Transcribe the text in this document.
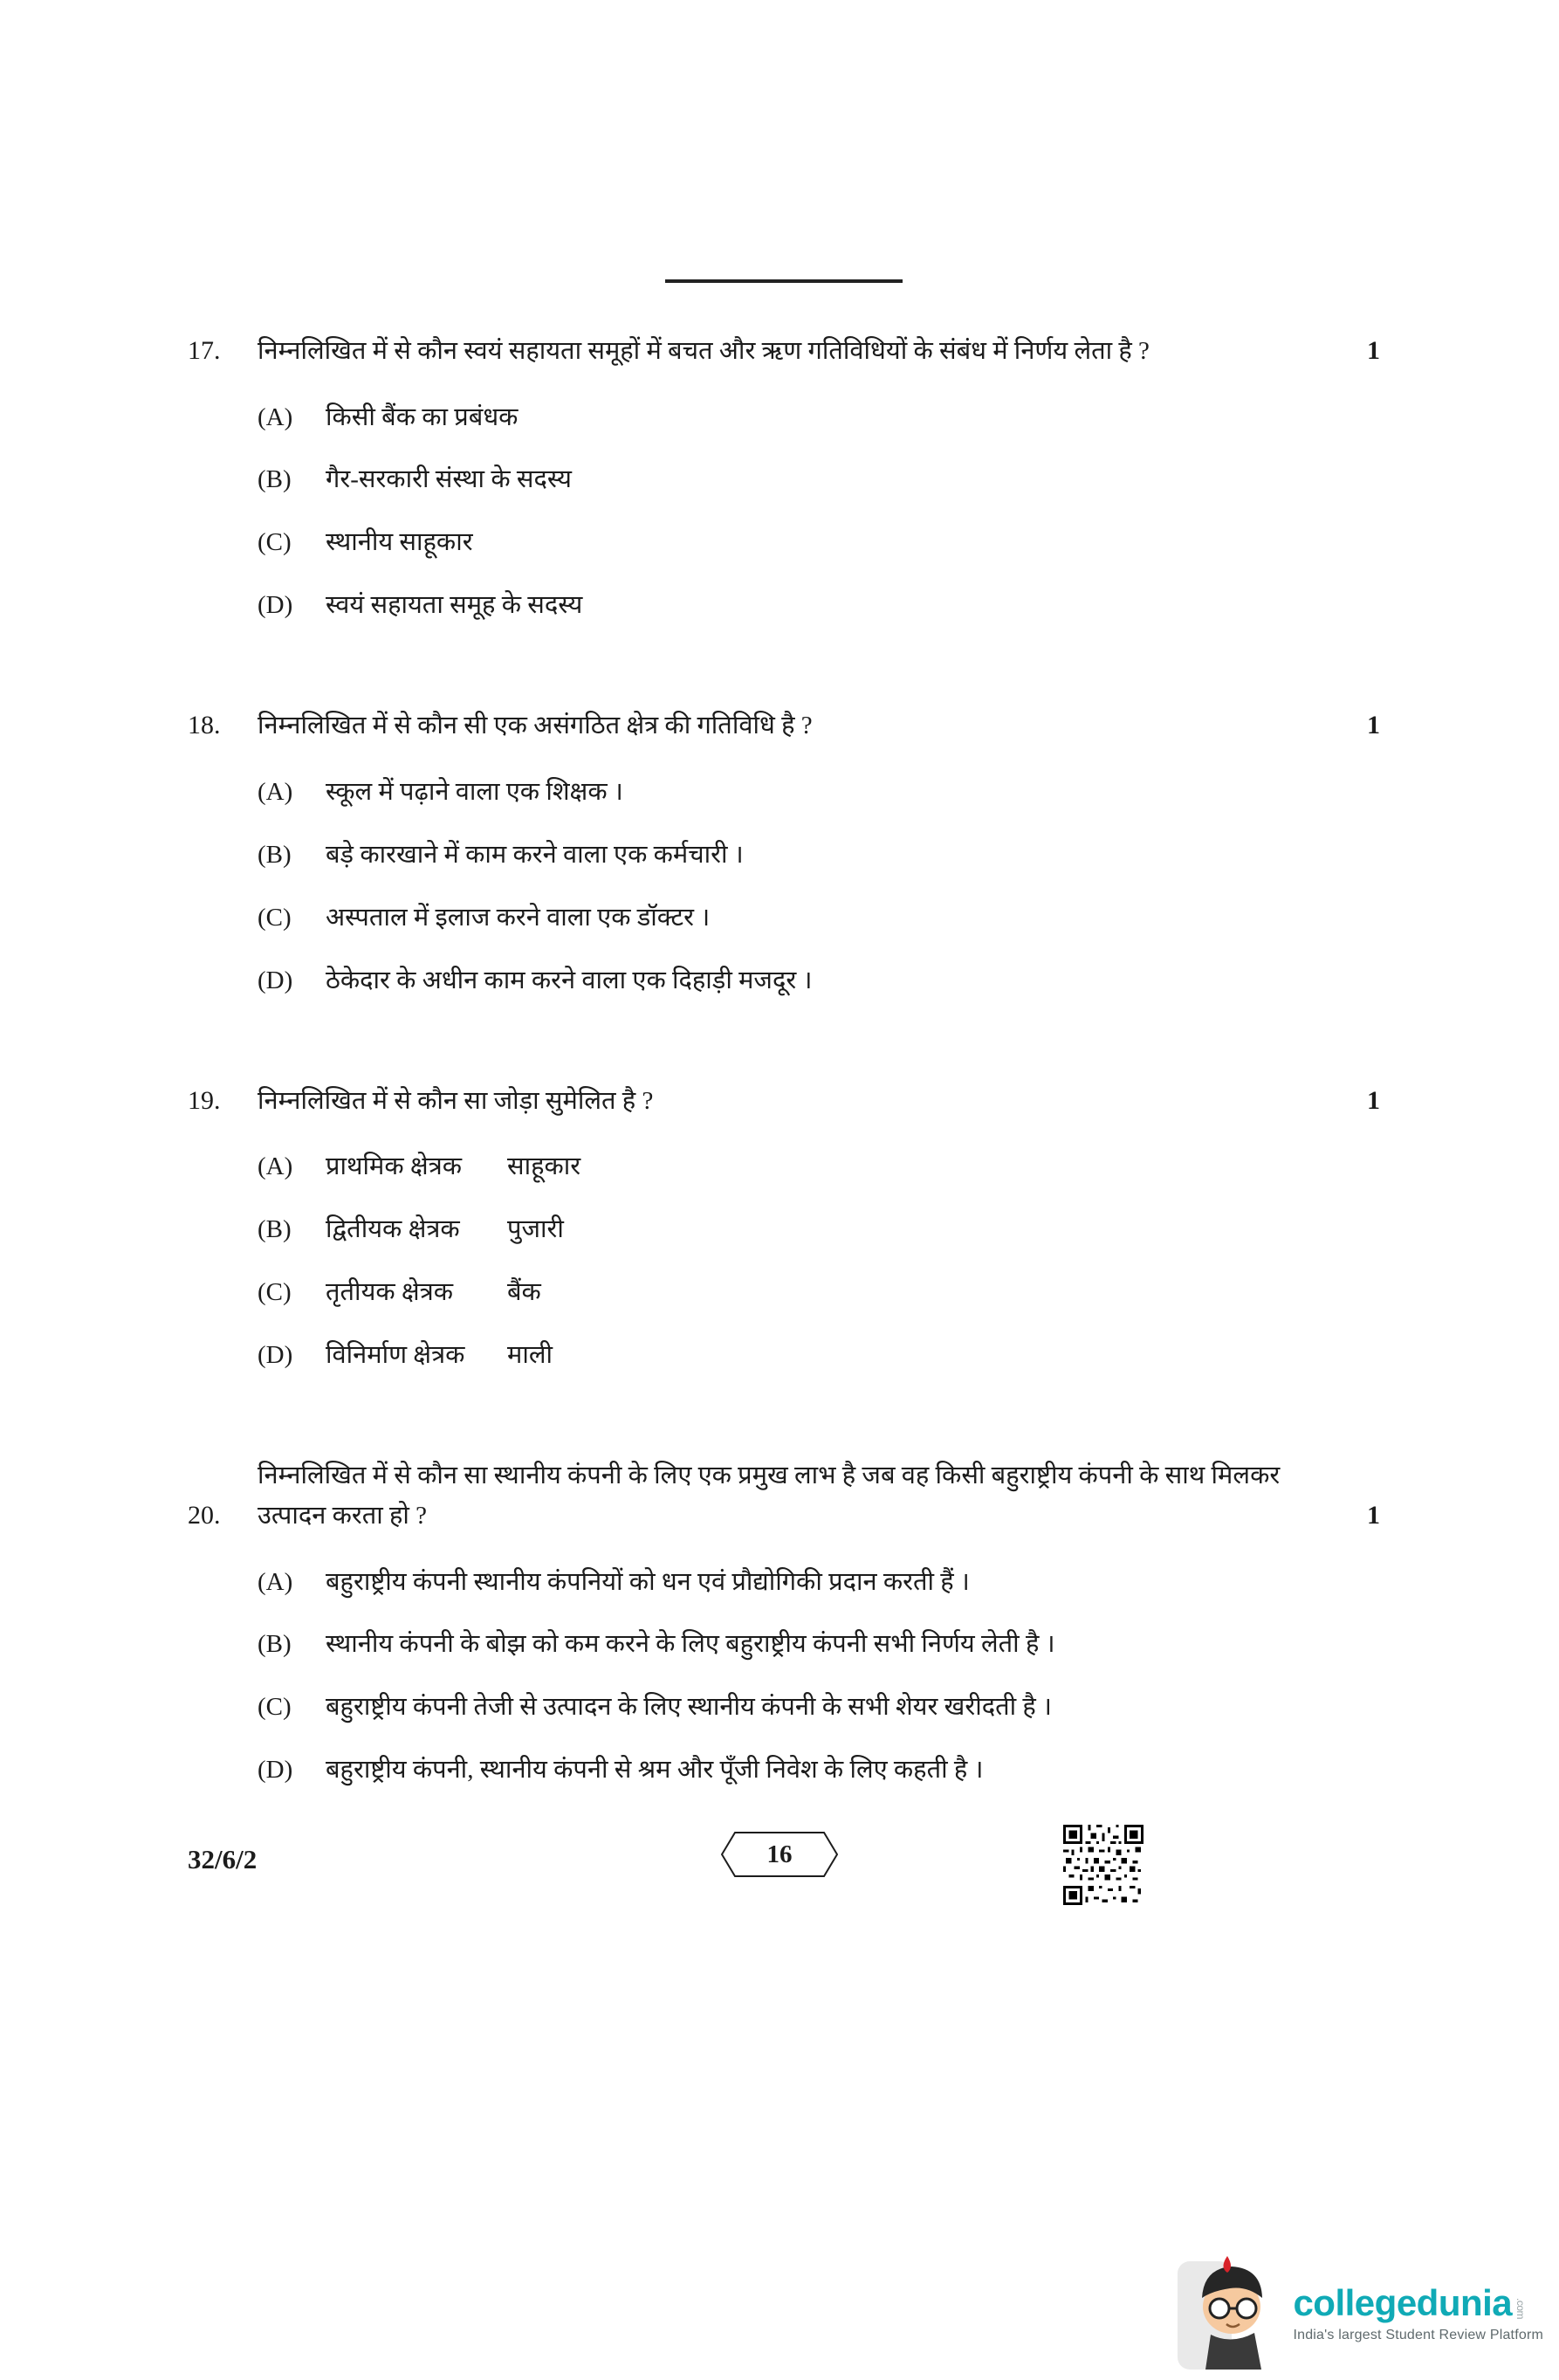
17.	निम्नलिखित में से कौन स्वयं सहायता समूहों में बचत और ऋण गतिविधियों के संबंध में निर्णय लेता है ?	1
(A)	किसी बैंक का प्रबंधक
(B)	गैर-सरकारी संस्था के सदस्य
(C)	स्थानीय साहूकार
(D)	स्वयं सहायता समूह के सदस्य
18.	निम्नलिखित में से कौन सी एक असंगठित क्षेत्र की गतिविधि है ?	1
(A)	स्कूल में पढ़ाने वाला एक शिक्षक ।
(B)	बड़े कारखाने में काम करने वाला एक कर्मचारी ।
(C)	अस्पताल में इलाज करने वाला एक डॉक्टर ।
(D)	ठेकेदार के अधीन काम करने वाला एक दिहाड़ी मजदूर ।
19.	निम्नलिखित में से कौन सा जोड़ा सुमेलित है ?	1
(A)	प्राथमिक क्षेत्रक	साहूकार
(B)	द्वितीयक क्षेत्रक	पुजारी
(C)	तृतीयक क्षेत्रक	बैंक
(D)	विनिर्माण क्षेत्रक	माली
20.
निम्नलिखित में से कौन सा स्थानीय कंपनी के लिए एक प्रमुख लाभ है जब वह किसी बहुराष्ट्रीय कंपनी के साथ मिलकर उत्पादन करता हो ?	1
(A)	बहुराष्ट्रीय कंपनी स्थानीय कंपनियों को धन एवं प्रौद्योगिकी प्रदान करती हैं ।
(B)	स्थानीय कंपनी के बोझ को कम करने के लिए बहुराष्ट्रीय कंपनी सभी निर्णय लेती है ।
(C)	बहुराष्ट्रीय कंपनी तेजी से उत्पादन के लिए स्थानीय कंपनी के सभी शेयर खरीदती है ।
(D)	बहुराष्ट्रीय कंपनी, स्थानीय कंपनी से श्रम और पूँजी निवेश के लिए कहती है ।
32/6/2	16
collegedunia .com
India's largest Student Review Platform
